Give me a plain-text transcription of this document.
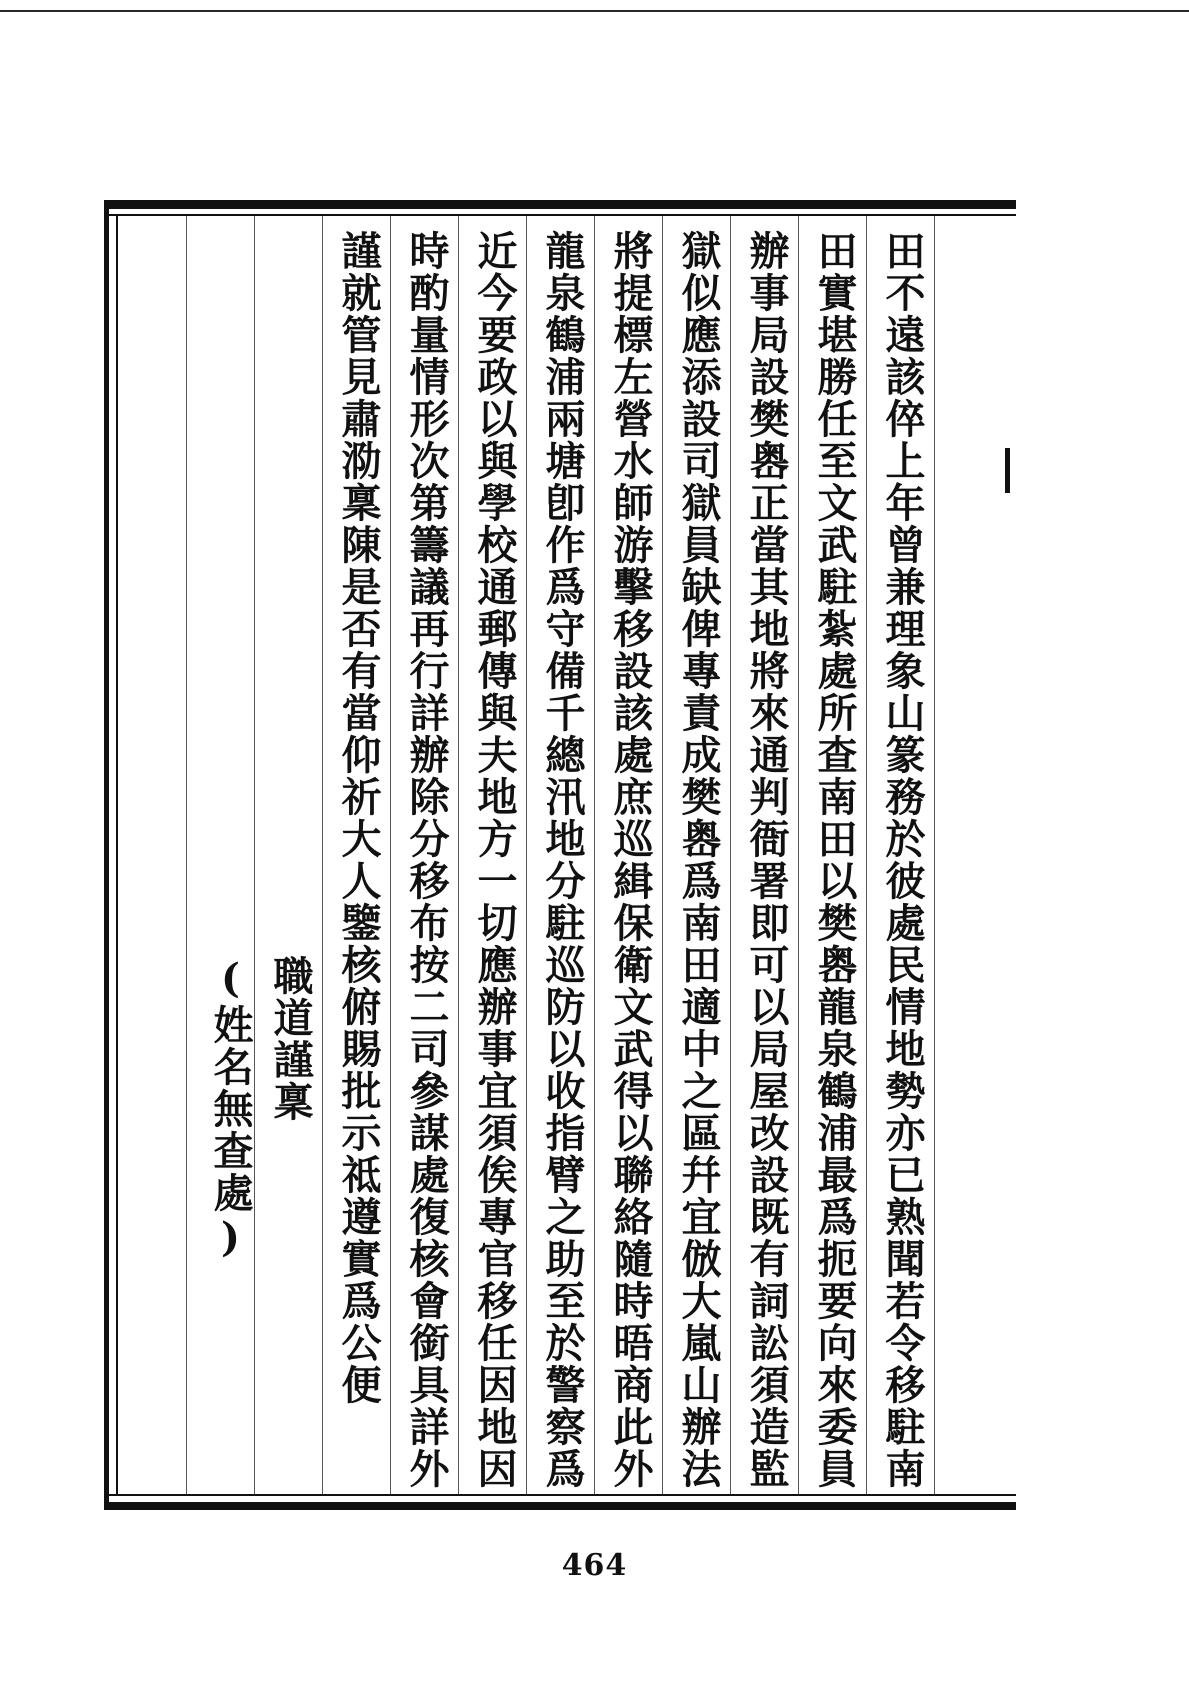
田不遠該倅上年曾兼理象山篆務於彼處民情地勢亦已熟聞若令移駐南
田實堪勝任至文武駐紮處所查南田以樊嶴龍泉鶴浦最爲扼要向來委員
辦事局設樊嶴正當其地將來通判衙署即可以局屋改設既有詞訟須造監
獄似應添設司獄員缺俾專責成樊嶴爲南田適中之區幷宜倣大嵐山辦法
將提標左營水師游擊移設該處庶巡緝保衛文武得以聯絡隨時晤商此外
龍泉鶴浦兩塘卽作爲守備千總汛地分駐巡防以收指臂之助至於警察爲
近今要政以與學校通郵傳與夫地方一切應辦事宜須俟專官移任因地因
時酌量情形次第籌議再行詳辦除分移布按二司參謀處復核會銜具詳外
謹就管見肅泐稟陳是否有當仰祈大人鑒核俯賜批示祗遵實爲公便
職道謹稟
(姓名無查處)
464
